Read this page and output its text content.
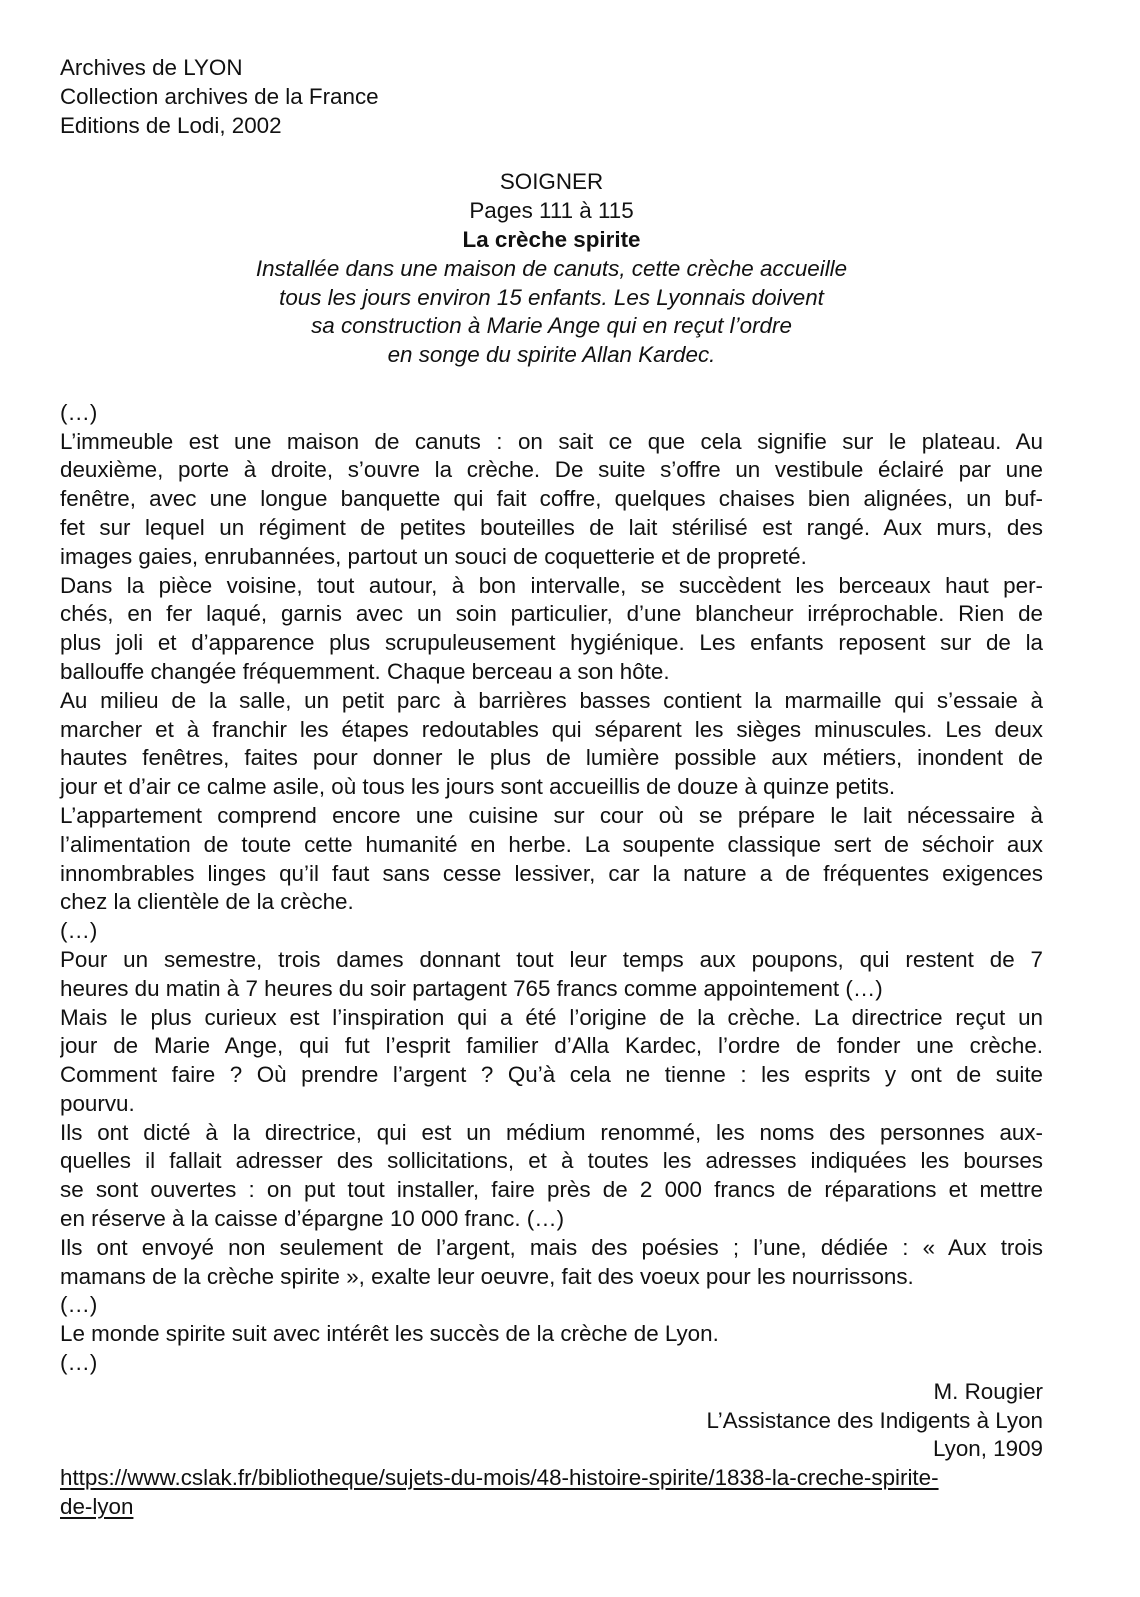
Archives de LYON
Collection archives de la France
Editions de Lodi, 2002
SOIGNER
Pages 111 à 115
La crèche spirite
Installée dans une maison de canuts, cette crèche accueille
tous les jours environ 15 enfants. Les Lyonnais doivent
sa construction à Marie Ange qui en reçut l’ordre
en songe du spirite Allan Kardec.
(…)
L’immeuble est une maison de canuts : on sait ce que cela signifie sur le plateau. Au
deuxième, porte à droite, s’ouvre la crèche. De suite s’offre un vestibule éclairé par une
fenêtre, avec une longue banquette qui fait coffre, quelques chaises bien alignées, un buf-
fet sur lequel un régiment de petites bouteilles de lait stérilisé est rangé. Aux murs, des
images gaies, enrubannées, partout un souci de coquetterie et de propreté.
Dans la pièce voisine, tout autour, à bon intervalle, se succèdent les berceaux haut per-
chés, en fer laqué, garnis avec un soin particulier, d’une blancheur irréprochable. Rien de
plus joli et d’apparence plus scrupuleusement hygiénique. Les enfants reposent sur de la
ballouffe changée fréquemment. Chaque berceau a son hôte.
Au milieu de la salle, un petit parc à barrières basses contient la marmaille qui s’essaie à
marcher et à franchir les étapes redoutables qui séparent les sièges minuscules. Les deux
hautes fenêtres, faites pour donner le plus de lumière possible aux métiers, inondent de
jour et d’air ce calme asile, où tous les jours sont accueillis de douze à quinze petits.
L’appartement comprend encore une cuisine sur cour où se prépare le lait nécessaire à
l’alimentation de toute cette humanité en herbe. La soupente classique sert de séchoir aux
innombrables linges qu’il faut sans cesse lessiver, car la nature a de fréquentes exigences
chez la clientèle de la crèche.
(…)
Pour un semestre, trois dames donnant tout leur temps aux poupons, qui restent de 7
heures du matin à 7 heures du soir partagent 765 francs comme appointement (…)
Mais le plus curieux est l’inspiration qui a été l’origine de la crèche. La directrice reçut un
jour de Marie Ange, qui fut l’esprit familier d’Alla Kardec, l’ordre de fonder une crèche.
Comment faire ? Où prendre l’argent ? Qu’à cela ne tienne : les esprits y ont de suite
pourvu.
Ils ont dicté à la directrice, qui est un médium renommé, les noms des personnes aux-
quelles il fallait adresser des sollicitations, et à toutes les adresses indiquées les bourses
se sont ouvertes : on put tout installer, faire près de 2 000 francs de réparations et mettre
en réserve à la caisse d’épargne 10 000 franc. (…)
Ils ont envoyé non seulement de l’argent, mais des poésies ; l’une, dédiée : « Aux trois
mamans de la crèche spirite », exalte leur oeuvre, fait des voeux pour les nourrissons.
(…)
Le monde spirite suit avec intérêt les succès de la crèche de Lyon.
(…)
M. Rougier
L’Assistance des Indigents à Lyon
Lyon, 1909
https://www.cslak.fr/bibliotheque/sujets-du-mois/48-histoire-spirite/1838-la-creche-spirite-
de-lyon
